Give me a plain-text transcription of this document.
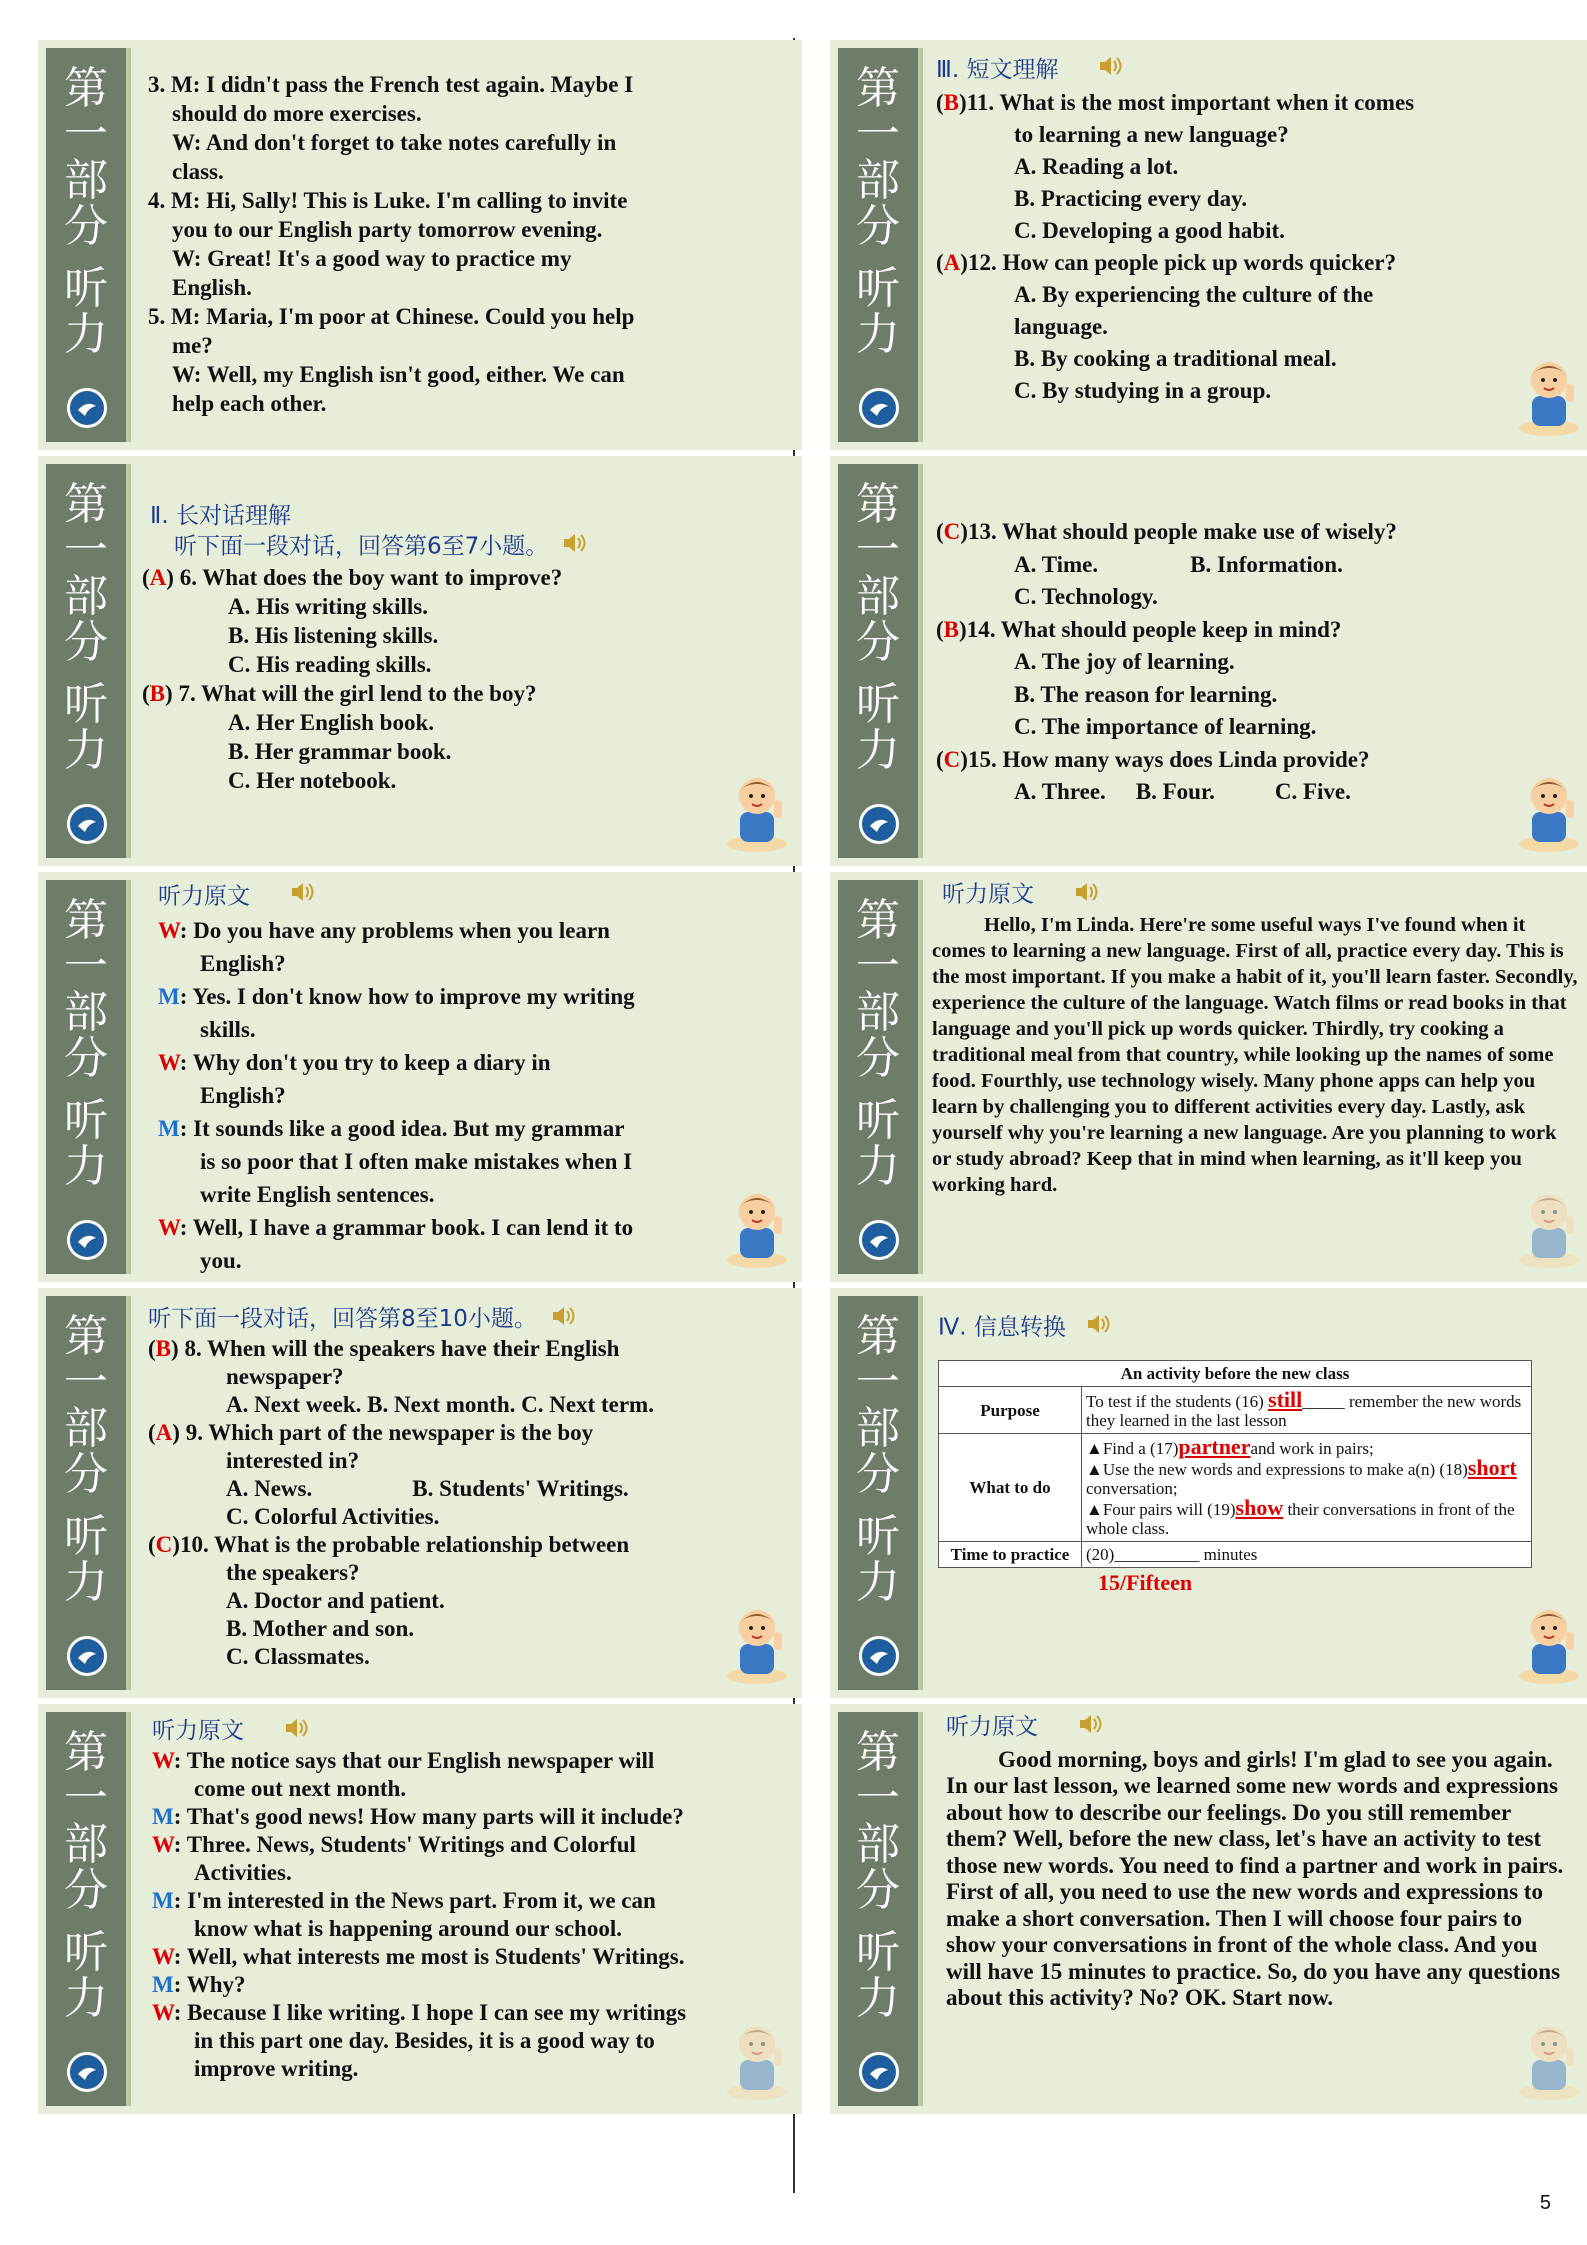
第
一
部
分
听
力

3. M: I didn't pass the French test again. Maybe I

should do more exercises.

W: And don't forget to take notes carefully in

class.

4. M: Hi, Sally! This is Luke. I'm calling to invite

you to our English party tomorrow evening.

W: Great! It's a good way to practice my

English.

5. M: Maria, I'm poor at Chinese. Could you help

me?

W: Well, my English isn't good, either. We can

help each other.

第
一
部
分
听
力

Ⅱ. 长对话理解

听下面一段对话，回答第6至7小题。

(A) 6. What does the boy want to improve?

A. His writing skills.

B. His listening skills.

C. His reading skills.

(B) 7. What will the girl lend to the boy?

A. Her English book.

B. Her grammar book.

C. Her notebook.

第
一
部
分
听
力

听力原文

W: Do you have any problems when you learn

English?

M: Yes. I don't know how to improve my writing

skills.

W: Why don't you try to keep a diary in

English?

M: It sounds like a good idea. But my grammar

is so poor that I often make mistakes when I

write English sentences.

W: Well, I have a grammar book. I can lend it to

you.

第
一
部
分
听
力

听下面一段对话，回答第8至10小题。

(B) 8. When will the speakers have their English

newspaper?

A. Next week. B. Next month. C. Next term.

(A) 9. Which part of the newspaper is the boy

interested in?

A. News.	B. Students' Writings.

C. Colorful Activities.

(C)10. What is the probable relationship between

the speakers?

A. Doctor and patient.

B. Mother and son.

C. Classmates.

第
一
部
分
听
力

听力原文

W: The notice says that our English newspaper will

come out next month.

M: That's good news! How many parts will it include?

W: Three. News, Students' Writings and Colorful

Activities.

M: I'm interested in the News part. From it, we can

know what is happening around our school.

W: Well, what interests me most is Students' Writings.

M: Why?

W: Because I like writing. I hope I can see my writings

in this part one day. Besides, it is a good way to

improve writing.

第
一
部
分
听
力

Ⅲ. 短文理解

(B)11. What is the most important when it comes

to learning a new language?

A. Reading a lot.

B. Practicing every day.

C. Developing a good habit.

(A)12. How can people pick up words quicker?

A. By experiencing the culture of the

language.

B. By cooking a traditional meal.

C. By studying in a group.

第
一
部
分
听
力

(C)13. What should people make use of wisely?

A. Time.	B. Information.

C. Technology.

(B)14. What should people keep in mind?

A. The joy of learning.

B. The reason for learning.

C. The importance of learning.

(C)15. How many ways does Linda provide?

A. Three. B. Four.	C. Five.

第
一
部
分
听
力

听力原文

Hello, I'm Linda. Here're some useful ways I've found when it comes to learning a new language. First of all, practice every day. This is the most important. If you make a habit of it, you'll learn faster. Secondly, experience the culture of the language. Watch films or read books in that language and you'll pick up words quicker. Thirdly, try cooking a traditional meal from that country, while looking up the names of some food. Fourthly, use technology wisely. Many phone apps can help you learn by challenging you to different activities every day. Lastly, ask yourself why you're learning a new language. Are you planning to work or study abroad? Keep that in mind when learning, as it'll keep you working hard.

第
一
部
分
听
力

Ⅳ. 信息转换

An activity before the new class	
Purpose	To test if the students (16) still_____ remember the new words they learned in the last lesson
What to do	▲Find a (17)partnerand work in pairs;
▲Use the new words and expressions to make a(n) (18)short conversation;
▲Four pairs will (19)show their conversations in front of the whole class.

Time to practice	(20)__________ minutes

15/Fifteen

第
一
部
分
听
力

听力原文

Good morning, boys and girls! I'm glad to see you again. In our last lesson, we learned some new words and expressions about how to describe our feelings. Do you still remember them? Well, before the new class, let's have an activity to test those new words. You need to find a partner and work in pairs. First of all, you need to use the new words and expressions to make a short conversation. Then I will choose four pairs to show your conversations in front of the whole class. And you will have 15 minutes to practice. So, do you have any questions about this activity? No? OK. Start now.

5
